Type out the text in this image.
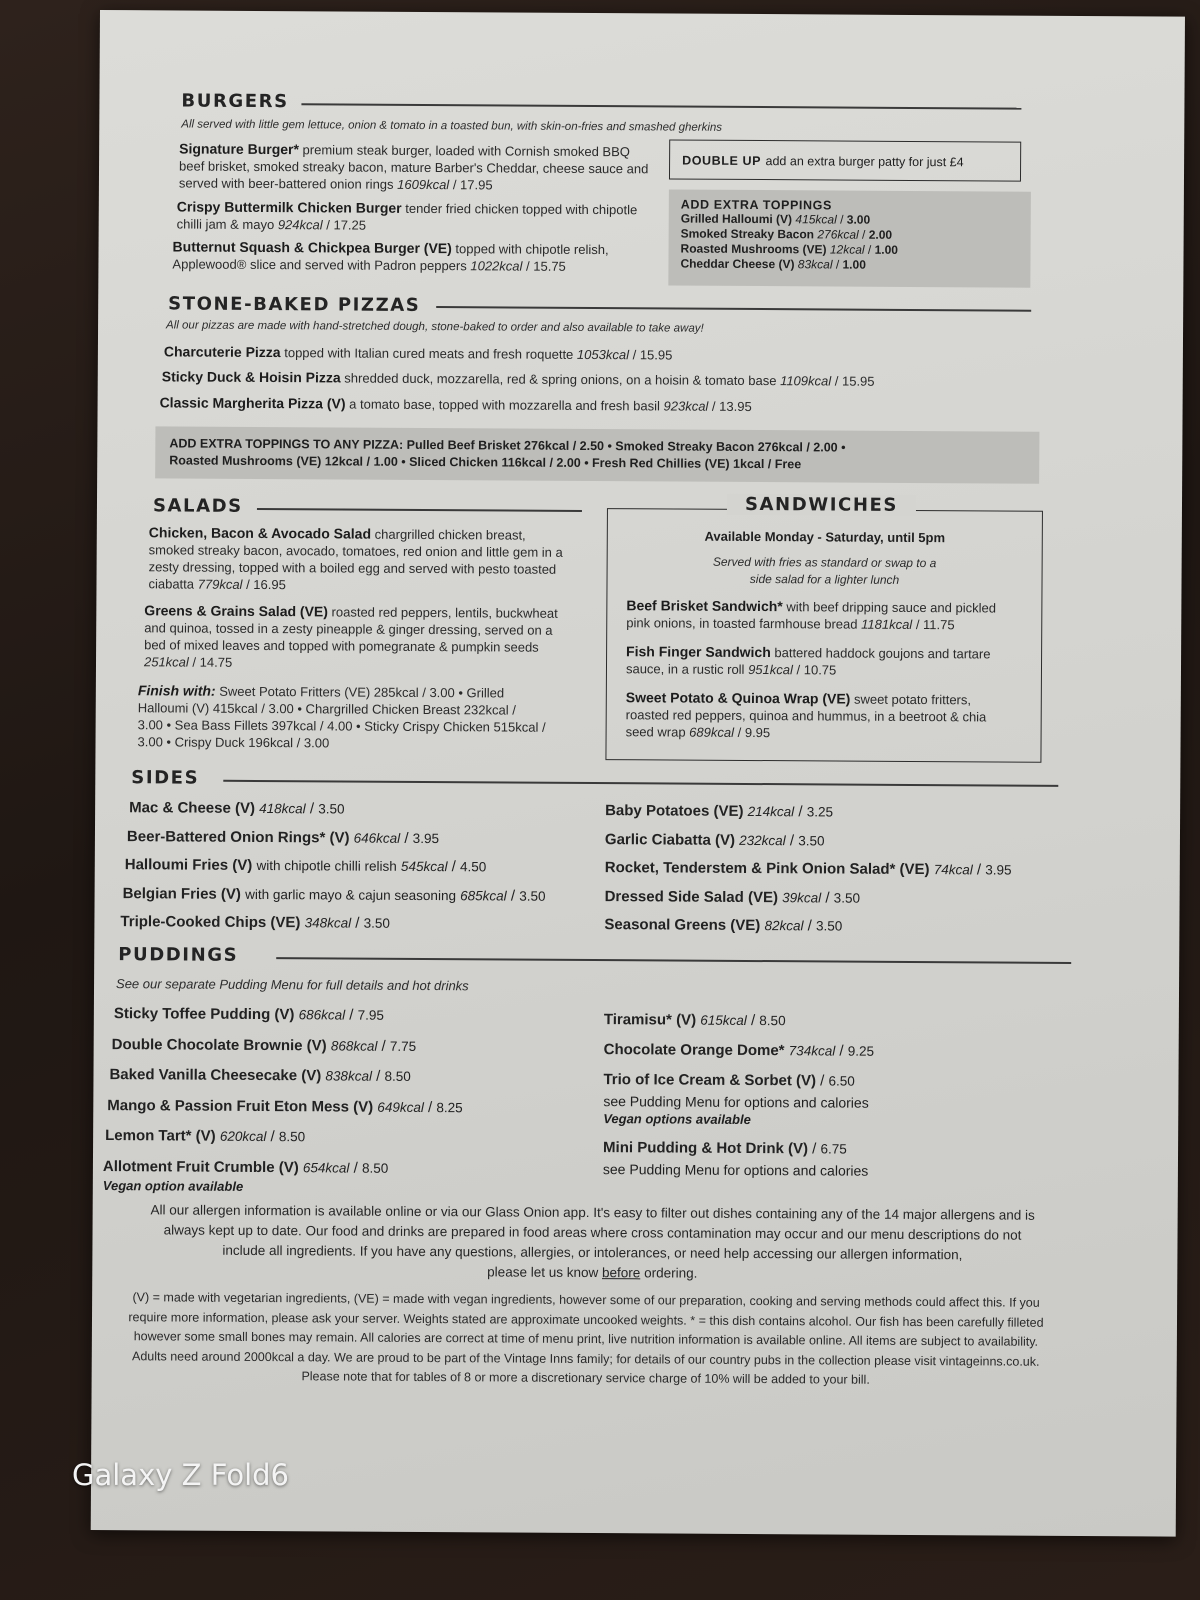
BURGERS
All served with little gem lettuce, onion & tomato in a toasted bun, with skin-on-fries and smashed gherkins
Signature Burger* premium steak burger, loaded with Cornish smoked BBQ
beef brisket, smoked streaky bacon, mature Barber's Cheddar, cheese sauce and
served with beer-battered onion rings 1609kcal / 17.95
Crispy Buttermilk Chicken Burger tender fried chicken topped with chipotle
chilli jam & mayo 924kcal / 17.25
Butternut Squash & Chickpea Burger (VE) topped with chipotle relish,
Applewood® slice and served with Padron peppers 1022kcal / 15.75
DOUBLE UP add an extra burger patty for just £4
ADD EXTRA TOPPINGS
Grilled Halloumi (V) 415kcal / 3.00
Smoked Streaky Bacon 276kcal / 2.00
Roasted Mushrooms (VE) 12kcal / 1.00
Cheddar Cheese (V) 83kcal / 1.00
STONE-BAKED PIZZAS
All our pizzas are made with hand-stretched dough, stone-baked to order and also available to take away!
Charcuterie Pizza topped with Italian cured meats and fresh roquette 1053kcal / 15.95
Sticky Duck & Hoisin Pizza shredded duck, mozzarella, red & spring onions, on a hoisin & tomato base 1109kcal / 15.95
Classic Margherita Pizza (V) a tomato base, topped with mozzarella and fresh basil 923kcal / 13.95
ADD EXTRA TOPPINGS TO ANY PIZZA: Pulled Beef Brisket 276kcal / 2.50 • Smoked Streaky Bacon 276kcal / 2.00 •
Roasted Mushrooms (VE) 12kcal / 1.00 • Sliced Chicken 116kcal / 2.00 • Fresh Red Chillies (VE) 1kcal / Free
SALADS
Chicken, Bacon & Avocado Salad chargrilled chicken breast,
smoked streaky bacon, avocado, tomatoes, red onion and little gem in a
zesty dressing, topped with a boiled egg and served with pesto toasted
ciabatta 779kcal / 16.95
Greens & Grains Salad (VE) roasted red peppers, lentils, buckwheat
and quinoa, tossed in a zesty pineapple & ginger dressing, served on a
bed of mixed leaves and topped with pomegranate & pumpkin seeds
251kcal / 14.75
Finish with: Sweet Potato Fritters (VE) 285kcal / 3.00 • Grilled
Halloumi (V) 415kcal / 3.00 • Chargrilled Chicken Breast 232kcal /
3.00 • Sea Bass Fillets 397kcal / 4.00 • Sticky Crispy Chicken 515kcal /
3.00 • Crispy Duck 196kcal / 3.00
SANDWICHES
Available Monday - Saturday, until 5pm
Served with fries as standard or swap to a
side salad for a lighter lunch
Beef Brisket Sandwich* with beef dripping sauce and pickled
pink onions, in toasted farmhouse bread 1181kcal / 11.75
Fish Finger Sandwich battered haddock goujons and tartare
sauce, in a rustic roll 951kcal / 10.75
Sweet Potato & Quinoa Wrap (VE) sweet potato fritters,
roasted red peppers, quinoa and hummus, in a beetroot & chia
seed wrap 689kcal / 9.95
SIDES
Mac & Cheese (V) 418kcal / 3.50
Beer-Battered Onion Rings* (V) 646kcal / 3.95
Halloumi Fries (V) with chipotle chilli relish 545kcal / 4.50
Belgian Fries (V) with garlic mayo & cajun seasoning 685kcal / 3.50
Triple-Cooked Chips (VE) 348kcal / 3.50
Baby Potatoes (VE) 214kcal / 3.25
Garlic Ciabatta (V) 232kcal / 3.50
Rocket, Tenderstem & Pink Onion Salad* (VE) 74kcal / 3.95
Dressed Side Salad (VE) 39kcal / 3.50
Seasonal Greens (VE) 82kcal / 3.50
PUDDINGS
See our separate Pudding Menu for full details and hot drinks
Sticky Toffee Pudding (V) 686kcal / 7.95
Double Chocolate Brownie (V) 868kcal / 7.75
Baked Vanilla Cheesecake (V) 838kcal / 8.50
Mango & Passion Fruit Eton Mess (V) 649kcal / 8.25
Lemon Tart* (V) 620kcal / 8.50
Allotment Fruit Crumble (V) 654kcal / 8.50
Vegan option available
Tiramisu* (V) 615kcal / 8.50
Chocolate Orange Dome* 734kcal / 9.25
Trio of Ice Cream & Sorbet (V) / 6.50
see Pudding Menu for options and calories
Vegan options available
Mini Pudding & Hot Drink (V) / 6.75
see Pudding Menu for options and calories
All our allergen information is available online or via our Glass Onion app. It's easy to filter out dishes containing any of the 14 major allergens and is
always kept up to date. Our food and drinks are prepared in food areas where cross contamination may occur and our menu descriptions do not
include all ingredients. If you have any questions, allergies, or intolerances, or need help accessing our allergen information,
please let us know before ordering.
(V) = made with vegetarian ingredients, (VE) = made with vegan ingredients, however some of our preparation, cooking and serving methods could affect this. If you
require more information, please ask your server. Weights stated are approximate uncooked weights. * = this dish contains alcohol. Our fish has been carefully filleted
however some small bones may remain. All calories are correct at time of menu print, live nutrition information is available online. All items are subject to availability.
Adults need around 2000kcal a day. We are proud to be part of the Vintage Inns family; for details of our country pubs in the collection please visit vintageinns.co.uk.
Please note that for tables of 8 or more a discretionary service charge of 10% will be added to your bill.
Galaxy Z Fold6
